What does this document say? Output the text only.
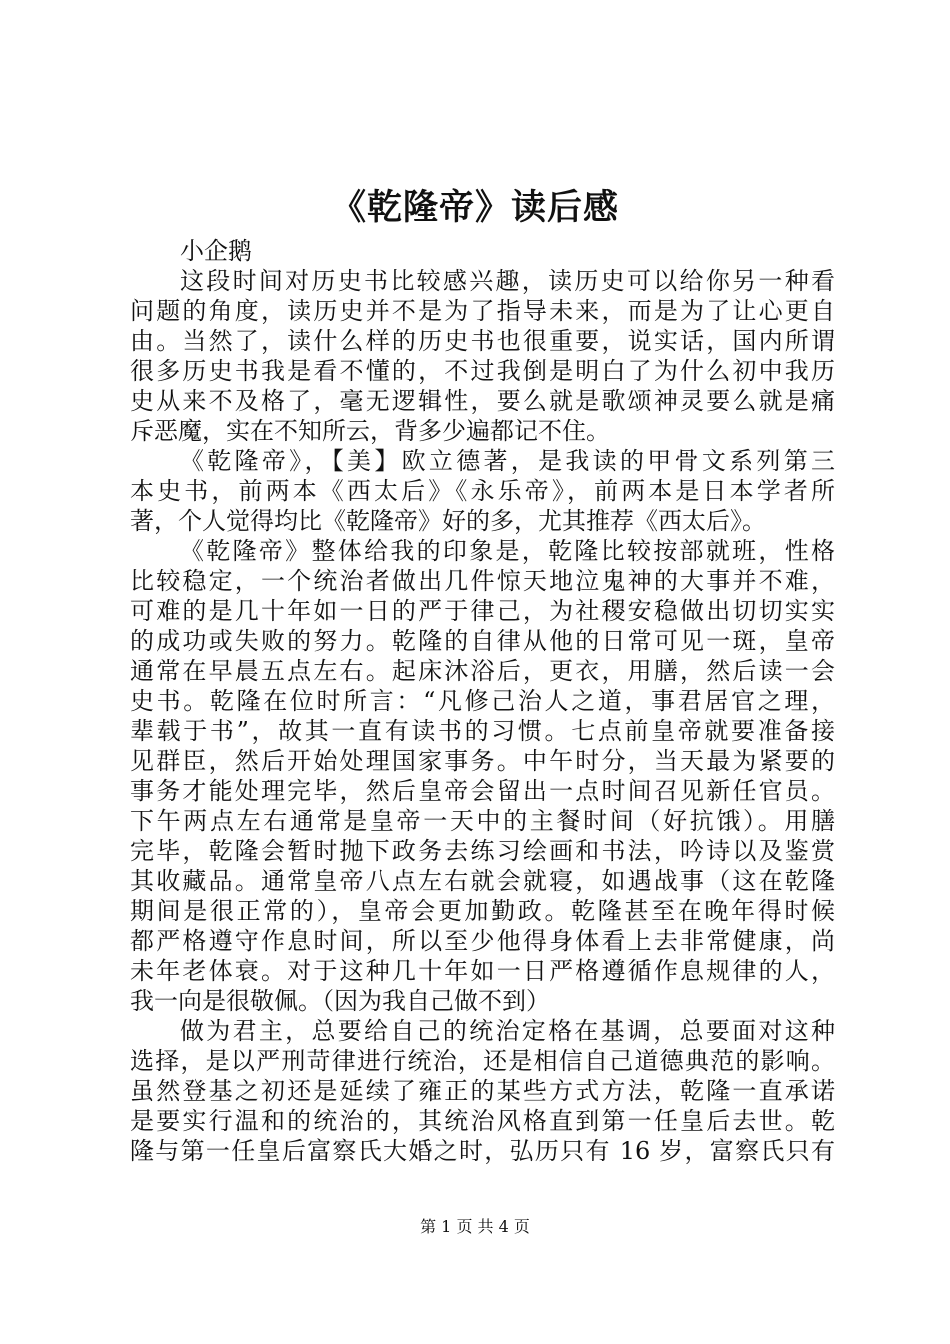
《乾隆帝》读后感
小企鹅
这段时间对历史书比较感兴趣，读历史可以给你另一种看
问题的角度，读历史并不是为了指导未来，而是为了让心更自
由。当然了，读什么样的历史书也很重要，说实话，国内所谓
很多历史书我是看不懂的，不过我倒是明白了为什么初中我历
史从来不及格了，毫无逻辑性，要么就是歌颂神灵要么就是痛
斥恶魔，实在不知所云，背多少遍都记不住。
《乾隆帝》，【美】欧立德著，是我读的甲骨文系列第三
本史书，前两本《西太后》《永乐帝》，前两本是日本学者所
著，个人觉得均比《乾隆帝》好的多，尤其推荐《西太后》。
《乾隆帝》整体给我的印象是，乾隆比较按部就班，性格
比较稳定，一个统治者做出几件惊天地泣鬼神的大事并不难，
可难的是几十年如一日的严于律己，为社稷安稳做出切切实实
的成功或失败的努力。乾隆的自律从他的日常可见一斑，皇帝
通常在早晨五点左右。起床沐浴后，更衣，用膳，然后读一会
史书。乾隆在位时所言：“凡修己治人之道，事君居官之理，
辈载于书”，故其一直有读书的习惯。七点前皇帝就要准备接
见群臣，然后开始处理国家事务。中午时分，当天最为紧要的
事务才能处理完毕，然后皇帝会留出一点时间召见新任官员。
下午两点左右通常是皇帝一天中的主餐时间（好抗饿）。用膳
完毕，乾隆会暂时抛下政务去练习绘画和书法，吟诗以及鉴赏
其收藏品。通常皇帝八点左右就会就寝，如遇战事（这在乾隆
期间是很正常的），皇帝会更加勤政。乾隆甚至在晚年得时候
都严格遵守作息时间，所以至少他得身体看上去非常健康，尚
未年老体衰。对于这种几十年如一日严格遵循作息规律的人，
我一向是很敬佩。（因为我自己做不到）
做为君主，总要给自己的统治定格在基调，总要面对这种
选择，是以严刑苛律进行统治，还是相信自己道德典范的影响。
虽然登基之初还是延续了雍正的某些方式方法，乾隆一直承诺
是要实行温和的统治的，其统治风格直到第一任皇后去世。乾
隆与第一任皇后富察氏大婚之时，弘历只有 16 岁，富察氏只有
第 1 页 共 4 页
